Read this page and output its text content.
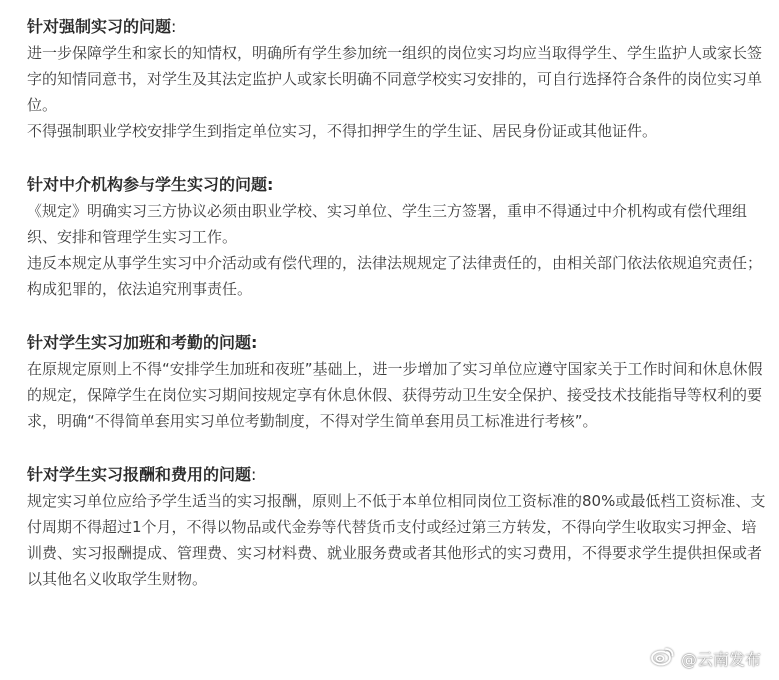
针对强制实习的问题:

进一步保障学生和家长的知情权，明确所有学生参加统一组织的岗位实习均应当取得学生、学生监护人或家长签字的知情同意书，对学生及其法定监护人或家长明确不同意学校实习安排的，可自行选择符合条件的岗位实习单位。

不得强制职业学校安排学生到指定单位实习，不得扣押学生的学生证、居民身份证或其他证件。

针对中介机构参与学生实习的问题:

《规定》明确实习三方协议必须由职业学校、实习单位、学生三方签署，重申不得通过中介机构或有偿代理组织、安排和管理学生实习工作。

违反本规定从事学生实习中介活动或有偿代理的，法律法规规定了法律责任的，由相关部门依法依规追究责任；构成犯罪的，依法追究刑事责任。

针对学生实习加班和考勤的问题:

在原规定原则上不得“安排学生加班和夜班”基础上，进一步增加了实习单位应遵守国家关于工作时间和休息休假的规定，保障学生在岗位实习期间按规定享有休息休假、获得劳动卫生安全保护、接受技术技能指导等权利的要求，明确“不得简单套用实习单位考勤制度，不得对学生简单套用员工标准进行考核”。

针对学生实习报酬和费用的问题:

规定实习单位应给予学生适当的实习报酬，原则上不低于本单位相同岗位工资标准的80%或最低档工资标准、支付周期不得超过1个月，不得以物品或代金券等代替货币支付或经过第三方转发，不得向学生收取实习押金、培训费、实习报酬提成、管理费、实习材料费、就业服务费或者其他形式的实习费用，不得要求学生提供担保或者以其他名义收取学生财物。

@云南发布
